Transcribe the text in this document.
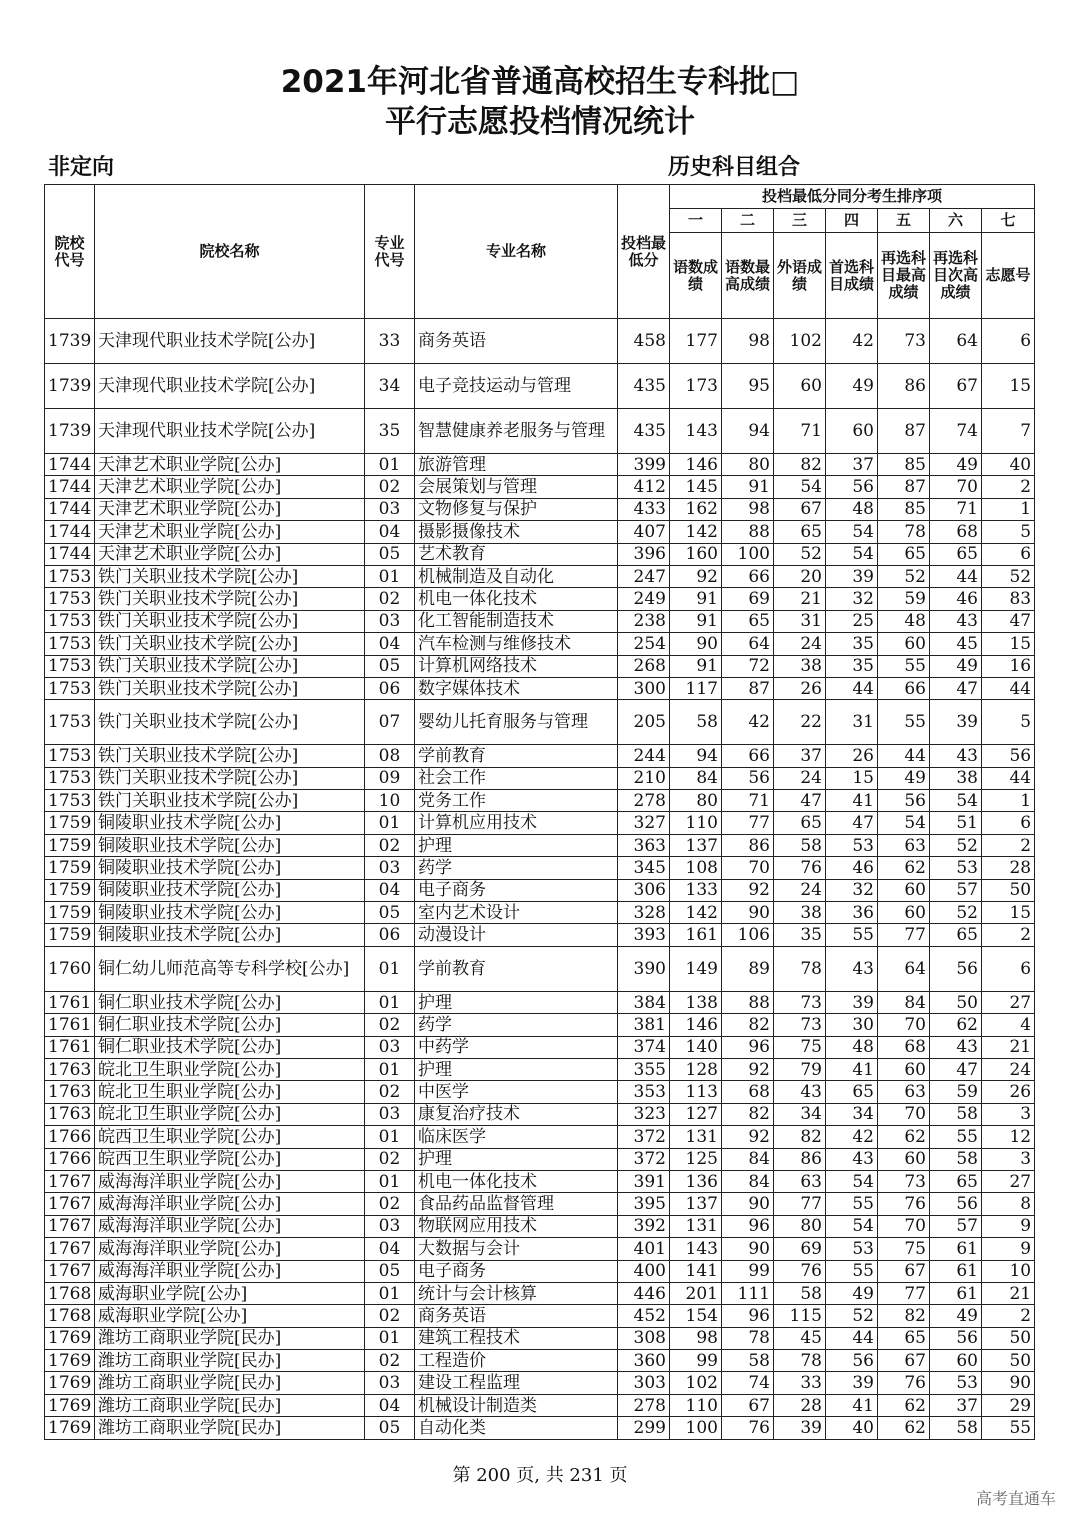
2021年河北省普通高校招生专科批□
平行志愿投档情况统计
非定向	历史科目组合
院校代号	院校名称	专业代号	专业名称	投档最低分	投档最低分同分考生排序项						
					一	二	三	四	五	六	七
					语数成绩	语数最高成绩	外语成绩	首选科目成绩	再选科目最高成绩	再选科目次高成绩	志愿号
1739	天津现代职业技术学院[公办]	33	商务英语	458	177	98	102	42	73	64	6
1739	天津现代职业技术学院[公办]	34	电子竞技运动与管理	435	173	95	60	49	86	67	15
1739	天津现代职业技术学院[公办]	35	智慧健康养老服务与管理	435	143	94	71	60	87	74	7
1744	天津艺术职业学院[公办]	01	旅游管理	399	146	80	82	37	85	49	40
1744	天津艺术职业学院[公办]	02	会展策划与管理	412	145	91	54	56	87	70	2
1744	天津艺术职业学院[公办]	03	文物修复与保护	433	162	98	67	48	85	71	1
1744	天津艺术职业学院[公办]	04	摄影摄像技术	407	142	88	65	54	78	68	5
1744	天津艺术职业学院[公办]	05	艺术教育	396	160	100	52	54	65	65	6
1753	铁门关职业技术学院[公办]	01	机械制造及自动化	247	92	66	20	39	52	44	52
1753	铁门关职业技术学院[公办]	02	机电一体化技术	249	91	69	21	32	59	46	83
1753	铁门关职业技术学院[公办]	03	化工智能制造技术	238	91	65	31	25	48	43	47
1753	铁门关职业技术学院[公办]	04	汽车检测与维修技术	254	90	64	24	35	60	45	15
1753	铁门关职业技术学院[公办]	05	计算机网络技术	268	91	72	38	35	55	49	16
1753	铁门关职业技术学院[公办]	06	数字媒体技术	300	117	87	26	44	66	47	44
1753	铁门关职业技术学院[公办]	07	婴幼儿托育服务与管理	205	58	42	22	31	55	39	5
1753	铁门关职业技术学院[公办]	08	学前教育	244	94	66	37	26	44	43	56
1753	铁门关职业技术学院[公办]	09	社会工作	210	84	56	24	15	49	38	44
1753	铁门关职业技术学院[公办]	10	党务工作	278	80	71	47	41	56	54	1
1759	铜陵职业技术学院[公办]	01	计算机应用技术	327	110	77	65	47	54	51	6
1759	铜陵职业技术学院[公办]	02	护理	363	137	86	58	53	63	52	2
1759	铜陵职业技术学院[公办]	03	药学	345	108	70	76	46	62	53	28
1759	铜陵职业技术学院[公办]	04	电子商务	306	133	92	24	32	60	57	50
1759	铜陵职业技术学院[公办]	05	室内艺术设计	328	142	90	38	36	60	52	15
1759	铜陵职业技术学院[公办]	06	动漫设计	393	161	106	35	55	77	65	2
1760	铜仁幼儿师范高等专科学校[公办]	01	学前教育	390	149	89	78	43	64	56	6
1761	铜仁职业技术学院[公办]	01	护理	384	138	88	73	39	84	50	27
1761	铜仁职业技术学院[公办]	02	药学	381	146	82	73	30	70	62	4
1761	铜仁职业技术学院[公办]	03	中药学	374	140	96	75	48	68	43	21
1763	皖北卫生职业学院[公办]	01	护理	355	128	92	79	41	60	47	24
1763	皖北卫生职业学院[公办]	02	中医学	353	113	68	43	65	63	59	26
1763	皖北卫生职业学院[公办]	03	康复治疗技术	323	127	82	34	34	70	58	3
1766	皖西卫生职业学院[公办]	01	临床医学	372	131	92	82	42	62	55	12
1766	皖西卫生职业学院[公办]	02	护理	372	125	84	86	43	60	58	3
1767	威海海洋职业学院[公办]	01	机电一体化技术	391	136	84	63	54	73	65	27
1767	威海海洋职业学院[公办]	02	食品药品监督管理	395	137	90	77	55	76	56	8
1767	威海海洋职业学院[公办]	03	物联网应用技术	392	131	96	80	54	70	57	9
1767	威海海洋职业学院[公办]	04	大数据与会计	401	143	90	69	53	75	61	9
1767	威海海洋职业学院[公办]	05	电子商务	400	141	99	76	55	67	61	10
1768	威海职业学院[公办]	01	统计与会计核算	446	201	111	58	49	77	61	21
1768	威海职业学院[公办]	02	商务英语	452	154	96	115	52	82	49	2
1769	潍坊工商职业学院[民办]	01	建筑工程技术	308	98	78	45	44	65	56	50
1769	潍坊工商职业学院[民办]	02	工程造价	360	99	58	78	56	67	60	50
1769	潍坊工商职业学院[民办]	03	建设工程监理	303	102	74	33	39	76	53	90
1769	潍坊工商职业学院[民办]	04	机械设计制造类	278	110	67	28	41	62	37	29
1769	潍坊工商职业学院[民办]	05	自动化类	299	100	76	39	40	62	58	55
第 200 页, 共 231 页
高考直通车
